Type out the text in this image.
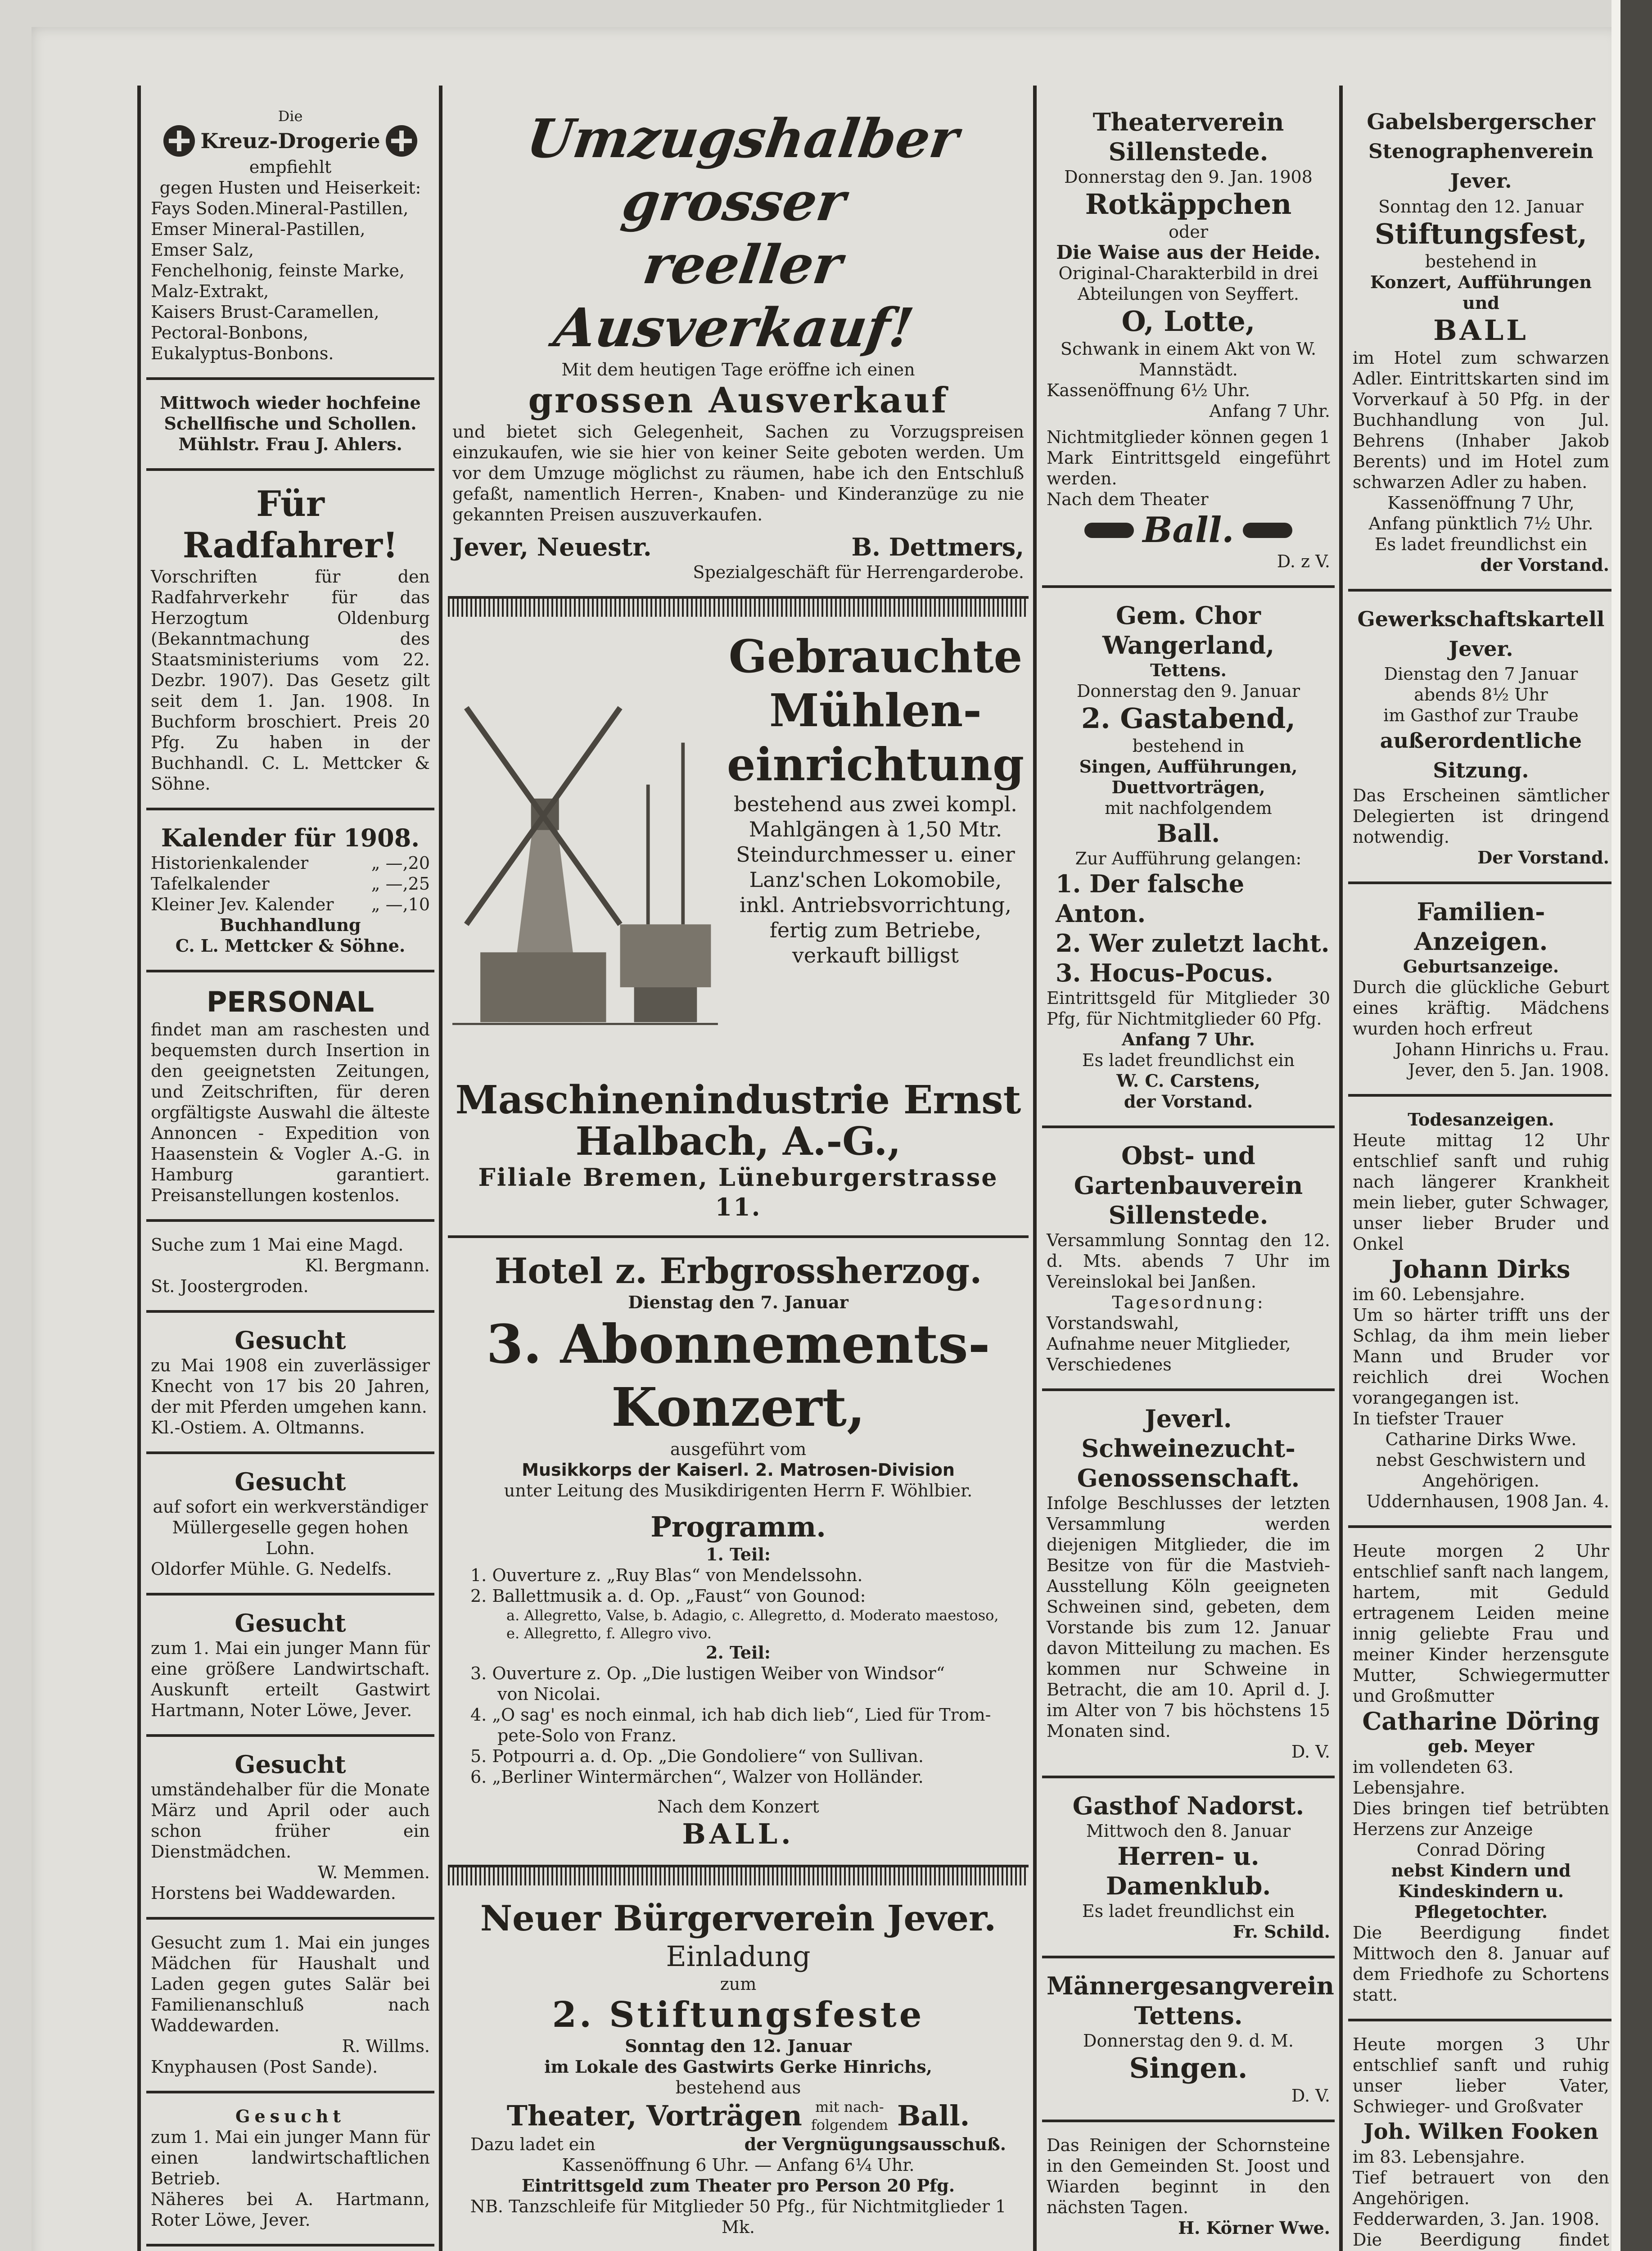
Die

Kreuz-Drogerie

empfiehlt

gegen Husten und Heiserkeit:

Fays Soden.Mineral-Pastillen,

Emser Mineral-Pastillen,

Emser Salz,

Fenchelhonig, feinste Marke,

Malz-Extrakt,

Kaisers Brust-Caramellen,

Pectoral-Bonbons,

Eukalyptus-Bonbons.

Mittwoch wieder hochfeine

Schellfische und Schollen.

Mühlstr. Frau J. Ahlers.

Für Radfahrer!

Vorschriften für den Radfahrverkehr für das Herzogtum Oldenburg (Bekanntmachung des Staatsministeriums vom 22. Dezbr. 1907). Das Gesetz gilt seit dem 1. Jan. 1908. In Buchform broschiert. Preis 20 Pfg. Zu haben in der Buchhandl. C. L. Mettcker & Söhne.

Kalender für 1908.

Historienkalender	„ —,20
Tafelkalender	„ —,25
Kleiner Jev. Kalender „ —,10

Buchhandlung

C. L. Mettcker & Söhne.

PERSONAL

findet man am raschesten und bequemsten durch Insertion in den geeignetsten Zeitungen, und Zeitschriften, für deren orgfältigste Auswahl die älteste Annoncen - Expedition von Haasenstein & Vogler A.-G. in Hamburg garantiert. Preisanstellungen kostenlos.

Suche zum 1 Mai eine Magd.

Kl. Bergmann.

St. Joostergroden.

Gesucht

zu Mai 1908 ein zuverlässiger Knecht von 17 bis 20 Jahren, der mit Pferden umgehen kann.

Kl.-Ostiem. A. Oltmanns.

Gesucht

auf sofort ein werkverständiger Müllergeselle gegen hohen Lohn.

Oldorfer Mühle. G. Nedelfs.

Gesucht

zum 1. Mai ein junger Mann für eine größere Landwirtschaft. Auskunft erteilt Gastwirt Hartmann, Noter Löwe, Jever.

Gesucht

umständehalber für die Monate März und April oder auch schon früher ein Dienstmädchen.

W. Memmen.

Horstens bei Waddewarden.

Gesucht zum 1. Mai ein junges Mädchen für Haushalt und Laden gegen gutes Salär bei Familienanschluß nach Waddewarden.

R. Willms.

Knyphausen (Post Sande).

Gesucht

zum 1. Mai ein junger Mann für einen landwirtschaftlichen Betrieb.

Näheres bei A. Hartmann, Roter Löwe, Jever.

Umzugshalber grosser

reeller Ausverkauf!

Mit dem heutigen Tage eröffne ich einen

grossen Ausverkauf

und bietet sich Gelegenheit, Sachen zu Vorzugspreisen einzukaufen, wie sie hier von keiner Seite geboten werden. Um vor dem Umzuge möglichst zu räumen, habe ich den Entschluß gefaßt, namentlich Herren-, Knaben- und Kinderanzüge zu nie gekannten Preisen auszuverkaufen.

Jever, Neuestr.	B. Dettmers,

Spezialgeschäft für Herrengarderobe.

Gebrauchte

Mühlen-

einrichtung

bestehend aus zwei kompl. Mahlgängen à 1,50 Mtr. Steindurchmesser u. einer Lanz'schen Lokomobile, inkl. Antriebsvorrichtung, fertig zum Betriebe, verkauft billigst

Maschinenindustrie Ernst Halbach, A.-G.,

Filiale Bremen, Lüneburgerstrasse 11.

Hotel z. Erbgrossherzog.

Dienstag den 7. Januar

3. Abonnements-Konzert,

ausgeführt vom

Musikkorps der Kaiserl. 2. Matrosen-Division

unter Leitung des Musikdirigenten Herrn F. Wöhlbier.

Programm.

1. Teil:

1. Ouverture z. „Ruy Blas“ von Mendelssohn.

2. Ballettmusik a. d. Op. „Faust“ von Gounod:

a. Allegretto, Valse, b. Adagio, c. Allegretto, d. Moderato maestoso,

e. Allegretto, f. Allegro vivo.

2. Teil:

3. Ouverture z. Op. „Die lustigen Weiber von Windsor“

von Nicolai.

4. „O sag' es noch einmal, ich hab dich lieb“, Lied für Trom-

pete-Solo von Franz.

5. Potpourri a. d. Op. „Die Gondoliere“ von Sullivan.

6. „Berliner Wintermärchen“, Walzer von Holländer.

Nach dem Konzert

BALL.

Neuer Bürgerverein Jever.

Einladung

zum

2. Stiftungsfeste

Sonntag den 12. Januar

im Lokale des Gastwirts Gerke Hinrichs,

bestehend aus

Theater, Vorträgen mit nach-
folgendem Ball.
Dazu ladet ein	der Vergnügungsausschuß.

Kassenöffnung 6 Uhr. — Anfang 6¼ Uhr.

Eintrittsgeld zum Theater pro Person 20 Pfg.

NB. Tanzschleife für Mitglieder 50 Pfg., für Nichtmitglieder 1 Mk.

Theaterverein

Sillenstede.

Donnerstag den 9. Jan. 1908

Rotkäppchen

oder

Die Waise aus der Heide.

Original-Charakterbild in drei Abteilungen von Seyffert.

O, Lotte,

Schwank in einem Akt von W. Mannstädt.

Kassenöffnung 6½ Uhr.

Anfang 7 Uhr.

Nichtmitglieder können gegen 1 Mark Eintrittsgeld eingeführt werden.

Nach dem Theater

Ball.

D. z V.

Gem. Chor Wangerland,

Tettens.

Donnerstag den 9. Januar

2. Gastabend,

bestehend in

Singen, Aufführungen, Duettvorträgen,

mit nachfolgendem

Ball.

Zur Aufführung gelangen:

1. Der falsche Anton.

2. Wer zuletzt lacht.

3. Hocus-Pocus.

Eintrittsgeld für Mitglieder 30 Pfg, für Nichtmitglieder 60 Pfg.

Anfang 7 Uhr.

Es ladet freundlichst ein

W. C. Carstens,

der Vorstand.

Obst- und Gartenbauverein

Sillenstede.

Versammlung Sonntag den 12. d. Mts. abends 7 Uhr im Vereinslokal bei Janßen.

Tagesordnung:

Vorstandswahl,

Aufnahme neuer Mitglieder,

Verschiedenes

Jeverl. Schweinezucht-

Genossenschaft.

Infolge Beschlusses der letzten Versammlung werden diejenigen Mitglieder, die im Besitze von für die Mastvieh-Ausstellung Köln geeigneten Schweinen sind, gebeten, dem Vorstande bis zum 12. Januar davon Mitteilung zu machen. Es kommen nur Schweine in Betracht, die am 10. April d. J. im Alter von 7 bis höchstens 15 Monaten sind.

D. V.

Gasthof Nadorst.

Mittwoch den 8. Januar

Herren- u. Damenklub.

Es ladet freundlichst ein

Fr. Schild.

Männergesangverein

Tettens.

Donnerstag den 9. d. M.

Singen.

D. V.

Das Reinigen der Schornsteine in den Gemeinden St. Joost und Wiarden beginnt in den nächsten Tagen.

H. Körner Wwe.

Gabelsbergerscher

Stenographenverein Jever.

Sonntag den 12. Januar

Stiftungsfest,

bestehend in

Konzert, Aufführungen und

BALL

im Hotel zum schwarzen Adler. Eintrittskarten sind im Vorverkauf à 50 Pfg. in der Buchhandlung von Jul. Behrens (Inhaber Jakob Berents) und im Hotel zum schwarzen Adler zu haben.

Kassenöffnung 7 Uhr,

Anfang pünktlich 7½ Uhr.

Es ladet freundlichst ein

der Vorstand.

Gewerkschaftskartell Jever.

Dienstag den 7 Januar

abends 8½ Uhr

im Gasthof zur Traube

außerordentliche Sitzung.

Das Erscheinen sämtlicher Delegierten ist dringend notwendig.

Der Vorstand.

Familien-Anzeigen.

Geburtsanzeige.

Durch die glückliche Geburt eines kräftig. Mädchens wurden hoch erfreut

Johann Hinrichs u. Frau.

Jever, den 5. Jan. 1908.

Todesanzeigen.

Heute mittag 12 Uhr entschlief sanft und ruhig nach längerer Krankheit mein lieber, guter Schwager, unser lieber Bruder und Onkel

Johann Dirks

im 60. Lebensjahre.

Um so härter trifft uns der Schlag, da ihm mein lieber Mann und Bruder vor reichlich drei Wochen vorangegangen ist.

In tiefster Trauer

Catharine Dirks Wwe.

nebst Geschwistern und Angehörigen.

Uddernhausen, 1908 Jan. 4.

Heute morgen 2 Uhr entschlief sanft nach langem, hartem, mit Geduld ertragenem Leiden meine innig geliebte Frau und meiner Kinder herzensgute Mutter, Schwiegermutter und Großmutter

Catharine Döring

geb. Meyer

im vollendeten 63. Lebensjahre.

Dies bringen tief betrübten Herzens zur Anzeige

Conrad Döring

nebst Kindern und Kindeskindern u. Pflegetochter.

Die Beerdigung findet Mittwoch den 8. Januar auf dem Friedhofe zu Schortens statt.

Heute morgen 3 Uhr entschlief sanft und ruhig unser lieber Vater, Schwieger- und Großvater

Joh. Wilken Fooken

im 83. Lebensjahre.

Tief betrauert von den Angehörigen.

Fedderwarden, 3. Jan. 1908.

Die Beerdigung findet
